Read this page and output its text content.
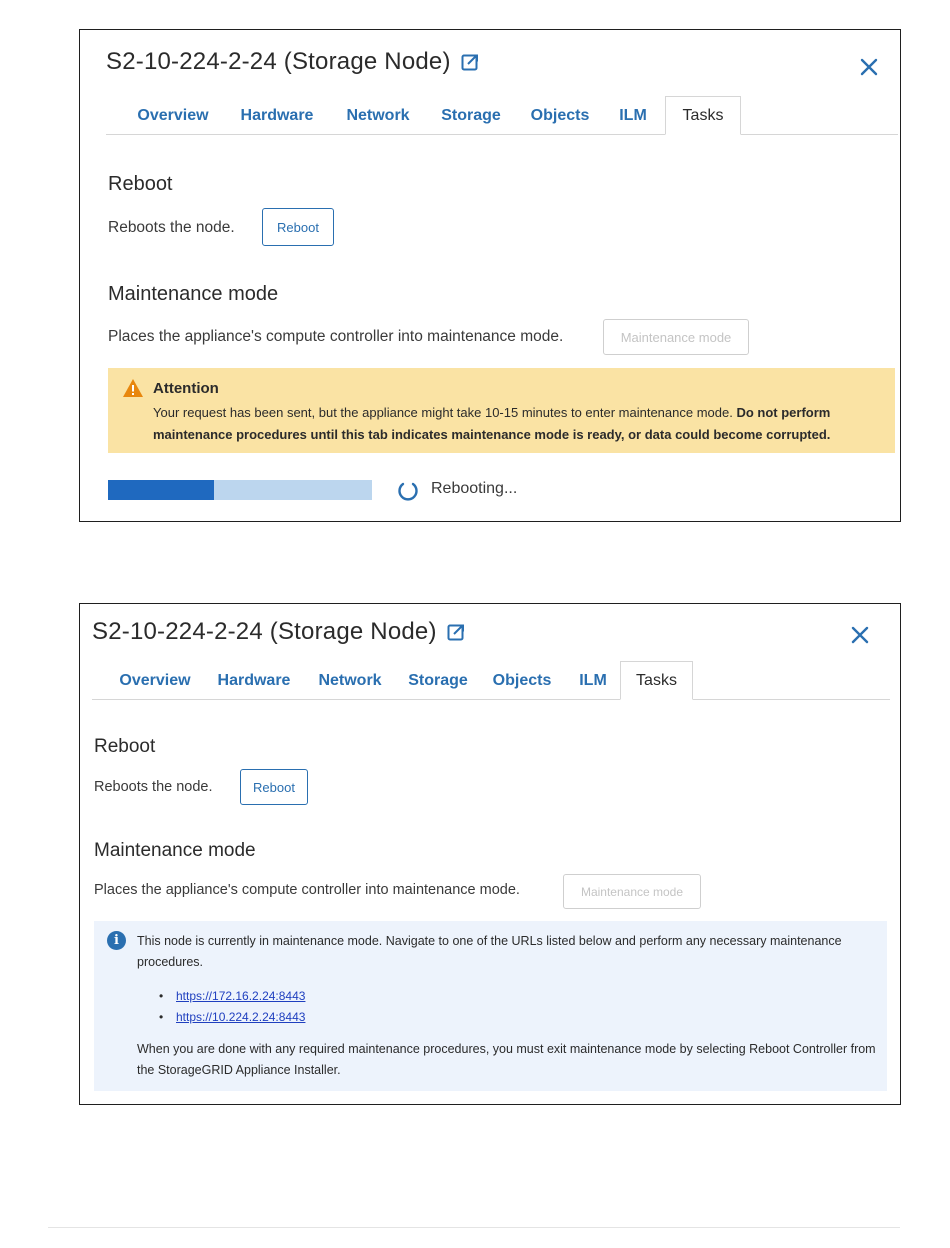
S2-10-224-2-24 (Storage Node)
Overview	Hardware	Network	Storage	Objects	ILM	Tasks
Reboot
Reboots the node.	Reboot
Maintenance mode
Places the appliance's compute controller into maintenance mode.	Maintenance mode
Attention
Your request has been sent, but the appliance might take 10-15 minutes to enter maintenance mode. Do not perform maintenance procedures until this tab indicates maintenance mode is ready, or data could become corrupted.
Rebooting...
S2-10-224-2-24 (Storage Node)
Overview	Hardware	Network	Storage	Objects	ILM	Tasks
Reboot
Reboots the node.	Reboot
Maintenance mode
Places the appliance's compute controller into maintenance mode.	Maintenance mode
i	This node is currently in maintenance mode. Navigate to one of the URLs listed below and perform any necessary maintenance procedures.
• https://172.16.2.24:8443
• https://10.224.2.24:8443
When you are done with any required maintenance procedures, you must exit maintenance mode by selecting Reboot Controller from the StorageGRID Appliance Installer.
